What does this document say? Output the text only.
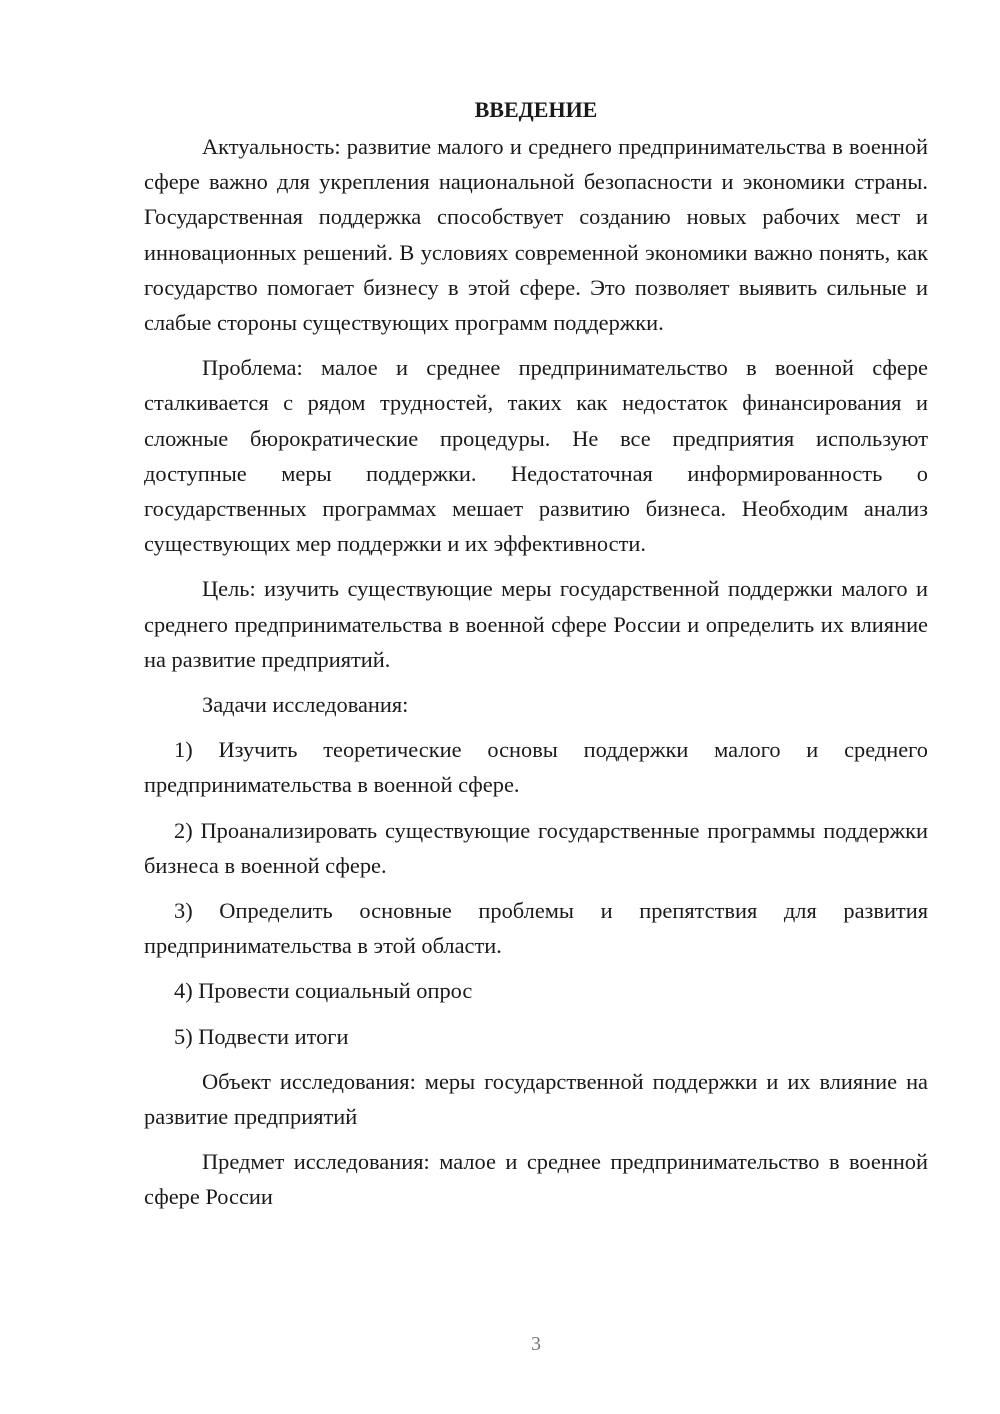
ВВЕДЕНИЕ

Актуальность: развитие малого и среднего предпринимательства в военной сфере важно для укрепления национальной безопасности и экономики страны. Государственная поддержка способствует созданию новых рабочих мест и инновационных решений. В условиях современной экономики важно понять, как государство помогает бизнесу в этой сфере. Это позволяет выявить сильные и слабые стороны существующих программ поддержки.

Проблема: малое и среднее предпринимательство в военной сфере сталкивается с рядом трудностей, таких как недостаток финансирования и сложные бюрократические процедуры. Не все предприятия используют доступные меры поддержки. Недостаточная информированность о государственных программах мешает развитию бизнеса. Необходим анализ существующих мер поддержки и их эффективности.

Цель: изучить существующие меры государственной поддержки малого и среднего предпринимательства в военной сфере России и определить их влияние на развитие предприятий.

Задачи исследования:

1) Изучить теоретические основы поддержки малого и среднего предпринимательства в военной сфере.

2) Проанализировать существующие государственные программы поддержки бизнеса в военной сфере.

3) Определить основные проблемы и препятствия для развития предпринимательства в этой области.

4) Провести социальный опрос

5) Подвести итоги

Объект исследования: меры государственной поддержки и их влияние на развитие предприятий

Предмет исследования: малое и среднее предпринимательство в военной сфере России

3
